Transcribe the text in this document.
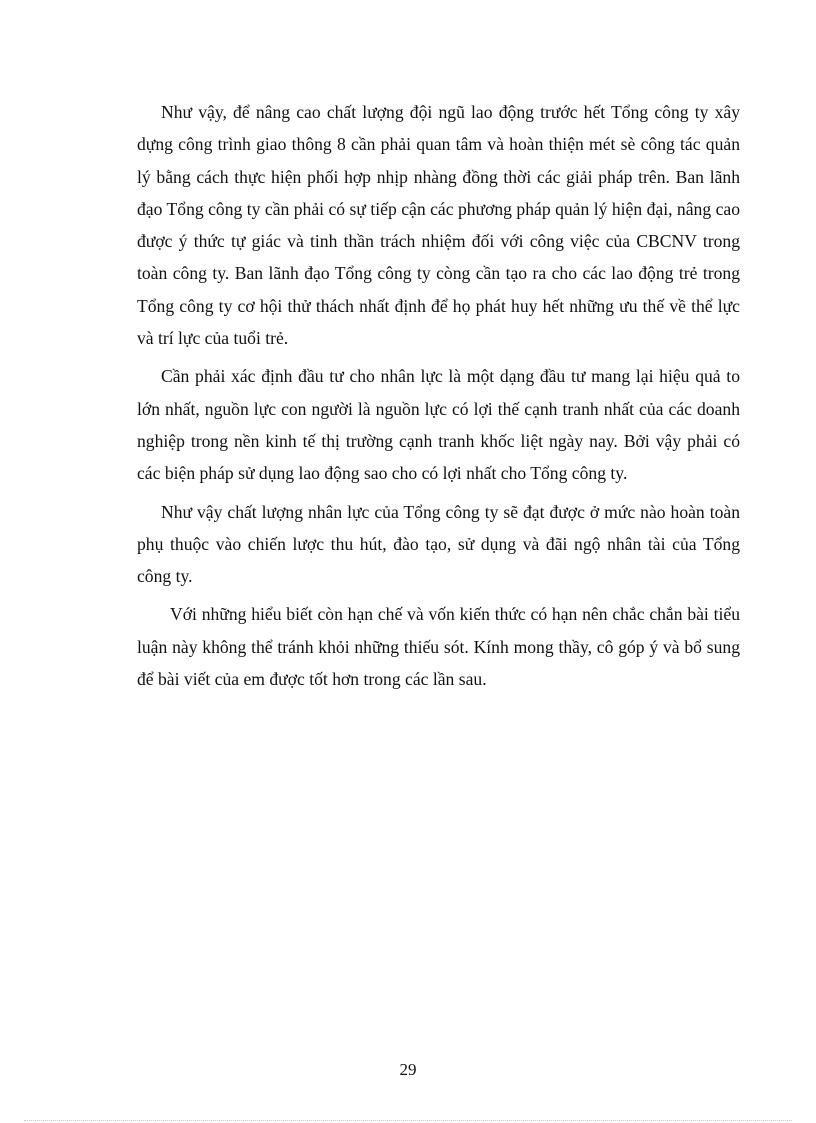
Như vậy, để nâng cao chất lượng đội ngũ lao động trước hết Tổng công ty xây dựng công trình giao thông 8 cần phải quan tâm và hoàn thiện mét sè công tác quản lý bằng cách thực hiện phối hợp nhịp nhàng đồng thời các giải pháp trên. Ban lãnh đạo Tổng công ty cần phải có sự tiếp cận các phương pháp quản lý hiện đại, nâng cao được ý thức tự giác và tinh thần trách nhiệm đối với công việc của CBCNV trong toàn công ty. Ban lãnh đạo Tổng công ty còng cần tạo ra cho các lao động trẻ trong Tổng công ty cơ hội thử thách nhất định để họ phát huy hết những ưu thế về thể lực và trí lực của tuổi trẻ.

Cần phải xác định đầu tư cho nhân lực là một dạng đầu tư mang lại hiệu quả to lớn nhất, nguồn lực con người là nguồn lực có lợi thế cạnh tranh nhất của các doanh nghiệp trong nền kinh tế thị trường cạnh tranh khốc liệt ngày nay. Bởi vậy phải có các biện pháp sử dụng lao động sao cho có lợi nhất cho Tổng công ty.

Như vậy chất lượng nhân lực của Tổng công ty sẽ đạt được ở mức nào hoàn toàn phụ thuộc vào chiến lược thu hút, đào tạo, sử dụng và đãi ngộ nhân tài của Tổng công ty.

Với những hiểu biết còn hạn chế và vốn kiến thức có hạn nên chắc chắn bài tiểu luận này không thể tránh khỏi những thiếu sót. Kính mong thầy, cô góp ý và bổ sung để bài viết của em được tốt hơn trong các lần sau.

29
